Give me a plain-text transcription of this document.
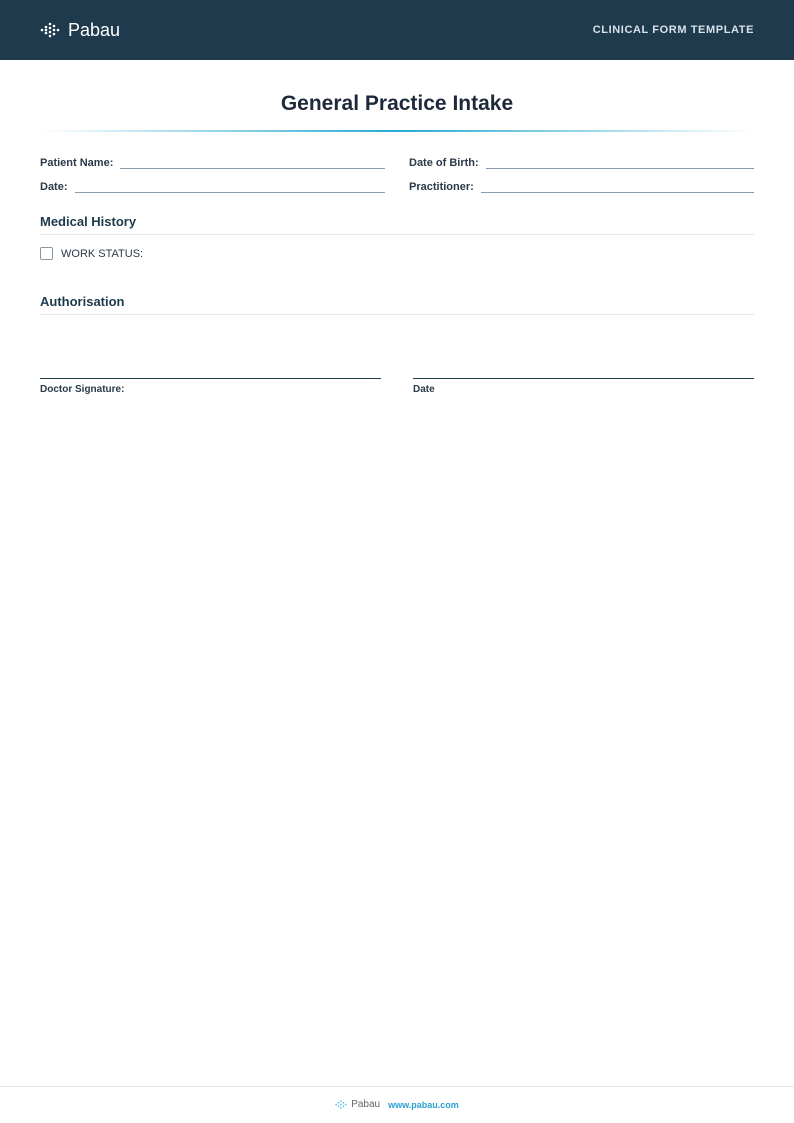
Pabau	CLINICAL FORM TEMPLATE
General Practice Intake
Patient Name:	Date of Birth:
Date:	Practitioner:
Medical History
WORK STATUS:
Authorisation
Doctor Signature:	Date
Pabau www.pabau.com
